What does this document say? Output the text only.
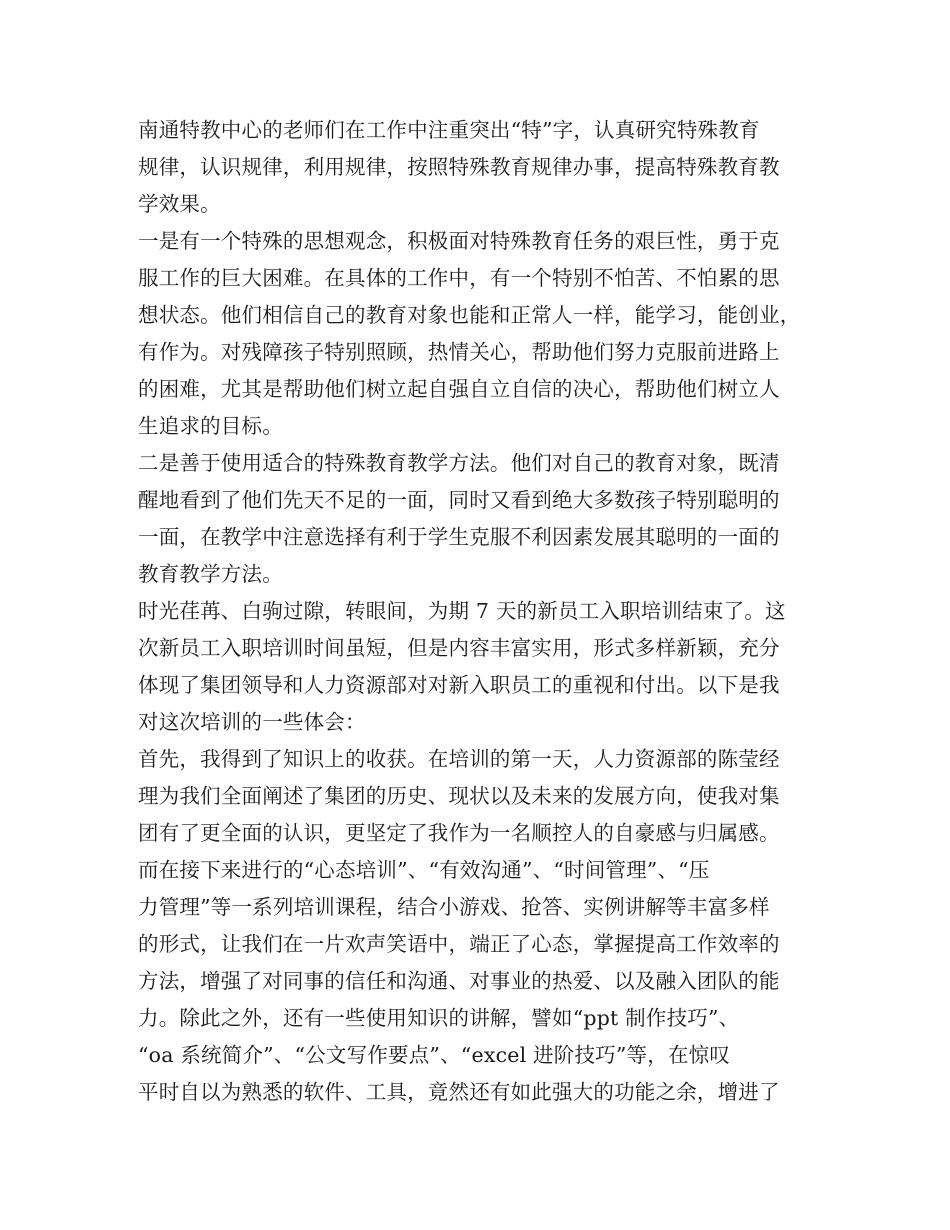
南通特教中心的老师们在工作中注重突出“特”字，认真研究特殊教育
规律，认识规律，利用规律，按照特殊教育规律办事，提高特殊教育教
学效果。
一是有一个特殊的思想观念，积极面对特殊教育任务的艰巨性，勇于克
服工作的巨大困难。在具体的工作中，有一个特别不怕苦、不怕累的思
想状态。他们相信自己的教育对象也能和正常人一样，能学习，能创业，
有作为。对残障孩子特别照顾，热情关心，帮助他们努力克服前进路上
的困难，尤其是帮助他们树立起自强自立自信的决心，帮助他们树立人
生追求的目标。
二是善于使用适合的特殊教育教学方法。他们对自己的教育对象，既清
醒地看到了他们先天不足的一面，同时又看到绝大多数孩子特别聪明的
一面，在教学中注意选择有利于学生克服不利因素发展其聪明的一面的
教育教学方法。
时光荏苒、白驹过隙，转眼间，为期 7 天的新员工入职培训结束了。这
次新员工入职培训时间虽短，但是内容丰富实用，形式多样新颖，充分
体现了集团领导和人力资源部对对新入职员工的重视和付出。以下是我
对这次培训的一些体会：
首先，我得到了知识上的收获。在培训的第一天，人力资源部的陈莹经
理为我们全面阐述了集团的历史、现状以及未来的发展方向，使我对集
团有了更全面的认识，更坚定了我作为一名顺控人的自豪感与归属感。
而在接下来进行的“心态培训”、“有效沟通”、“时间管理”、“压
力管理”等一系列培训课程，结合小游戏、抢答、实例讲解等丰富多样
的形式，让我们在一片欢声笑语中，端正了心态，掌握提高工作效率的
方法，增强了对同事的信任和沟通、对事业的热爱、以及融入团队的能
力。除此之外，还有一些使用知识的讲解，譬如“ppt 制作技巧”、
“oa 系统简介”、“公文写作要点”、“excel 进阶技巧”等，在惊叹
平时自以为熟悉的软件、工具，竟然还有如此强大的功能之余，增进了
